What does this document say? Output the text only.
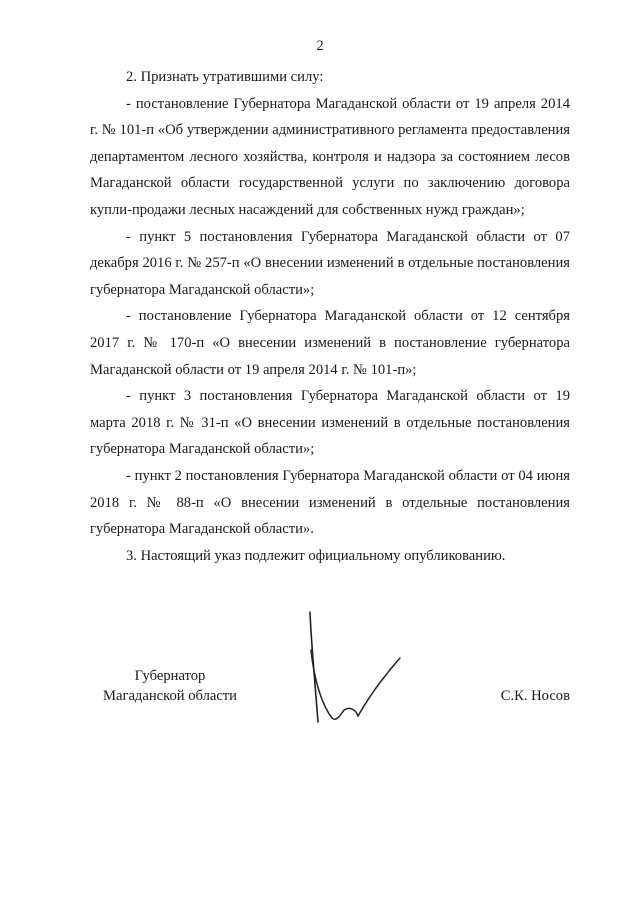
2

2. Признать утратившими силу:

- постановление Губернатора Магаданской области от 19 апреля 2014 г. № 101-п «Об утверждении административного регламента предоставления департаментом лесного хозяйства, контроля и надзора за состоянием лесов Магаданской области государственной услуги по заключению договора купли-продажи лесных насаждений для собственных нужд граждан»;

- пункт 5 постановления Губернатора Магаданской области от 07 декабря 2016 г. № 257-п «О внесении изменений в отдельные постановления губернатора Магаданской области»;

- постановление Губернатора Магаданской области от 12 сентября 2017 г. № 170-п «О внесении изменений в постановление губернатора Магаданской области от 19 апреля 2014 г. № 101-п»;

- пункт 3 постановления Губернатора Магаданской области от 19 марта 2018 г. № 31-п «О внесении изменений в отдельные постановления губернатора Магаданской области»;

- пункт 2 постановления Губернатора Магаданской области от 04 июня 2018 г. № 88-п «О внесении изменений в отдельные постановления губернатора Магаданской области».

3. Настоящий указ подлежит официальному опубликованию.

Губернатор
Магаданской области	С.К. Носов
